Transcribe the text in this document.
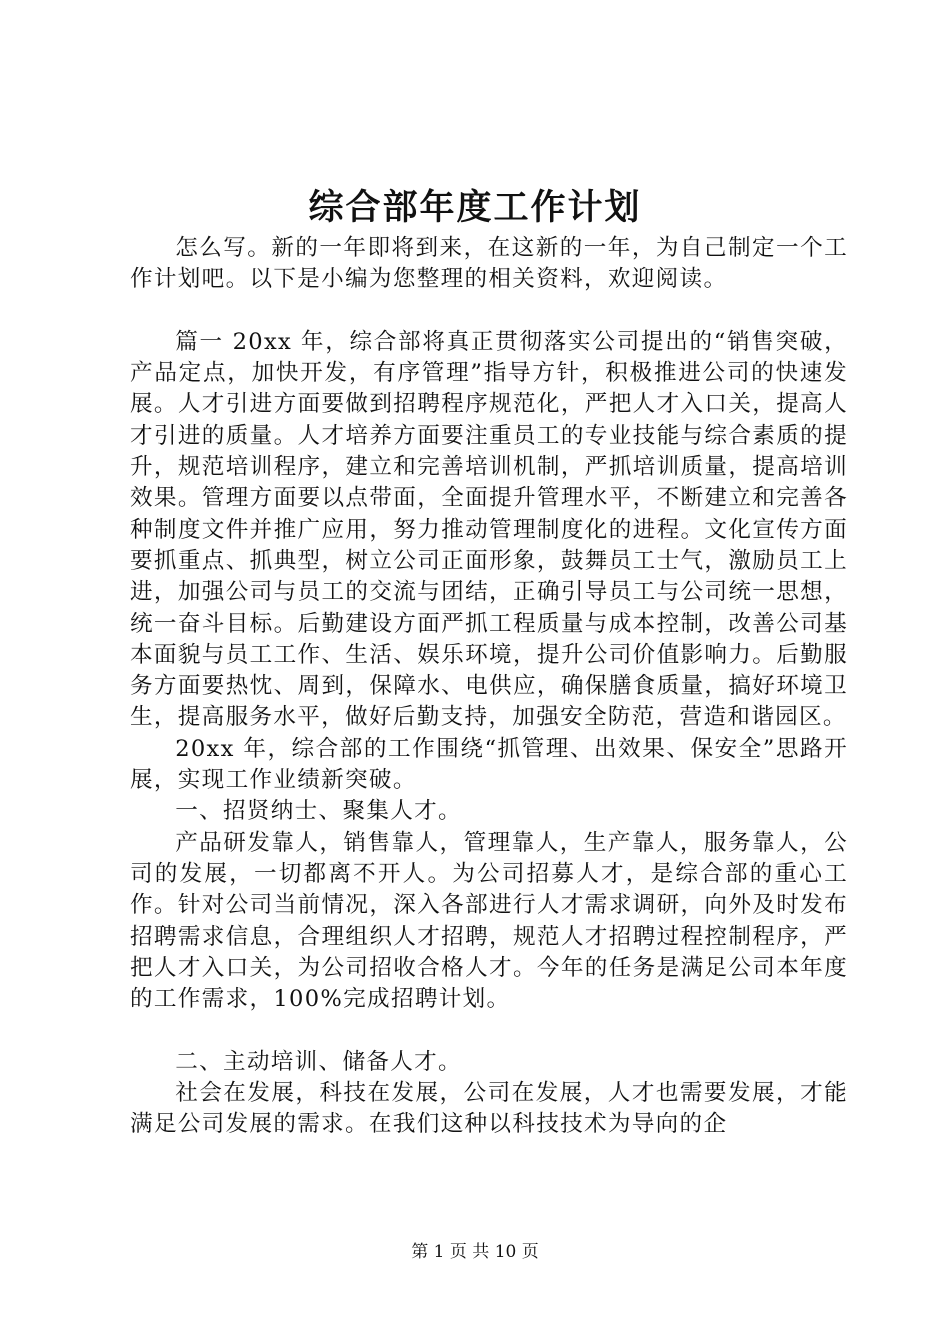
综合部年度工作计划

怎么写。新的一年即将到来，在这新的一年，为自己制定一个工作计划吧。以下是小编为您整理的相关资料，欢迎阅读。

篇一 20xx 年，综合部将真正贯彻落实公司提出的“销售突破，产品定点，加快开发，有序管理”指导方针，积极推进公司的快速发展。人才引进方面要做到招聘程序规范化，严把人才入口关，提高人才引进的质量。人才培养方面要注重员工的专业技能与综合素质的提升，规范培训程序，建立和完善培训机制，严抓培训质量，提高培训效果。管理方面要以点带面，全面提升管理水平，不断建立和完善各种制度文件并推广应用，努力推动管理制度化的进程。文化宣传方面要抓重点、抓典型，树立公司正面形象，鼓舞员工士气，激励员工上进，加强公司与员工的交流与团结，正确引导员工与公司统一思想，统一奋斗目标。后勤建设方面严抓工程质量与成本控制，改善公司基本面貌与员工工作、生活、娱乐环境，提升公司价值影响力。后勤服务方面要热忱、周到，保障水、电供应，确保膳食质量，搞好环境卫生，提高服务水平，做好后勤支持，加强安全防范，营造和谐园区。

20xx 年，综合部的工作围绕“抓管理、出效果、保安全”思路开展，实现工作业绩新突破。

一、招贤纳士、聚集人才。

产品研发靠人，销售靠人，管理靠人，生产靠人，服务靠人，公司的发展，一切都离不开人。为公司招募人才，是综合部的重心工作。针对公司当前情况，深入各部进行人才需求调研，向外及时发布招聘需求信息，合理组织人才招聘，规范人才招聘过程控制程序，严把人才入口关，为公司招收合格人才。今年的任务是满足公司本年度的工作需求，100%完成招聘计划。

二、主动培训、储备人才。

社会在发展，科技在发展，公司在发展，人才也需要发展，才能满足公司发展的需求。在我们这种以科技技术为导向的企

第 1 页 共 10 页
